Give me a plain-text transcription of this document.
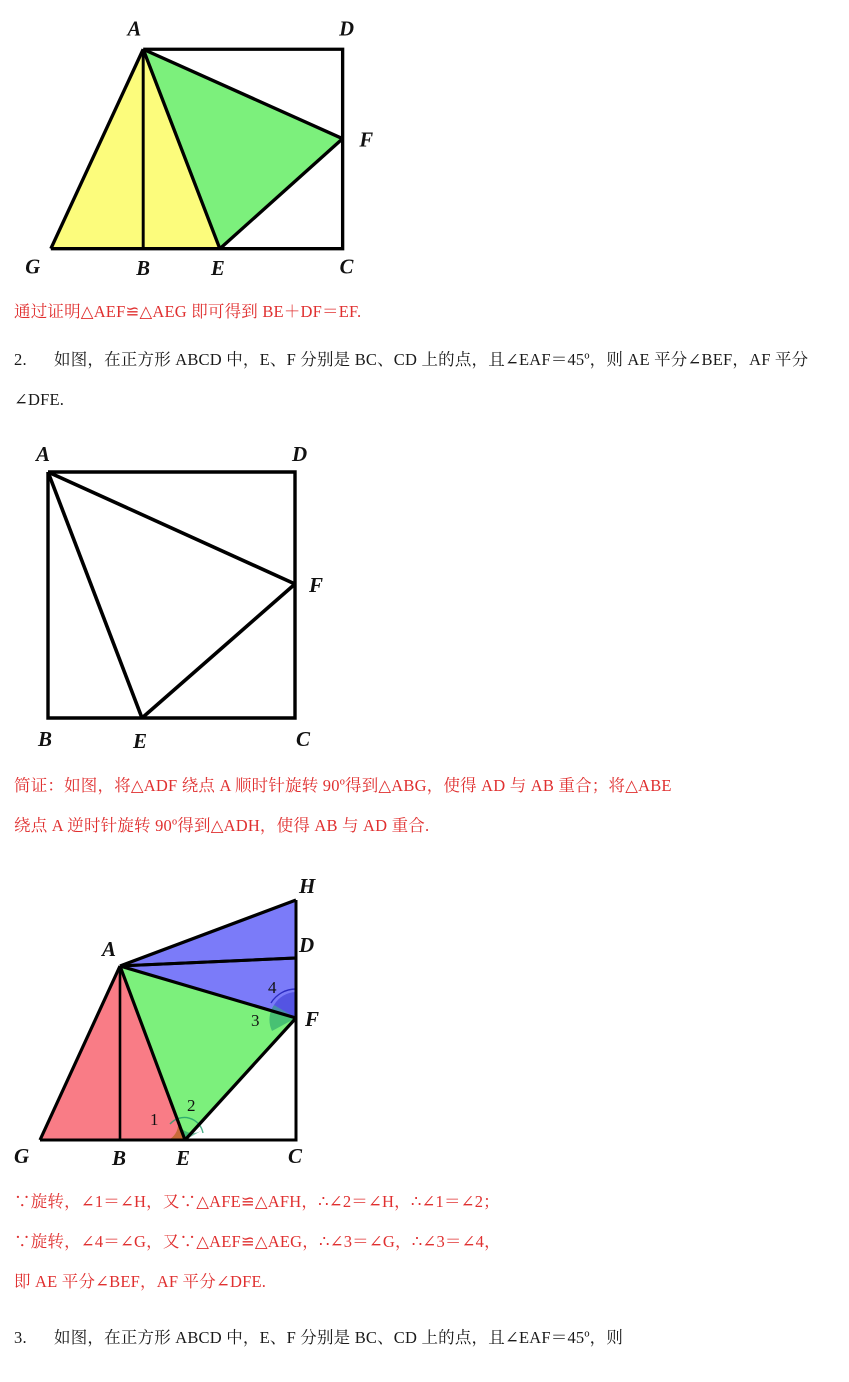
A	D
F
G	B	E	C
通过证明△AEF≌△AEG 即可得到 BE＋DF＝EF.
2. 如图，在正方形 ABCD 中，E、F 分别是 BC、CD 上的点，且∠EAF＝45º，则 AE 平分∠BEF，AF 平分∠DFE.
A	D
F
B	E	C
简证：如图，将△ADF 绕点 A 顺时针旋转 90º得到△ABG，使得 AD 与 AB 重合；将△ABE
绕点 A 逆时针旋转 90º得到△ADH，使得 AB 与 AD 重合.
H
A	D
F
G	B E	C
1
2
3
4
∵旋转，∠1＝∠H，又∵△AFE≌△AFH，∴∠2＝∠H，∴∠1＝∠2；
∵旋转，∠4＝∠G，又∵△AEF≌△AEG，∴∠3＝∠G，∴∠3＝∠4，
即 AE 平分∠BEF，AF 平分∠DFE.
3. 如图，在正方形 ABCD 中，E、F 分别是 BC、CD 上的点，且∠EAF＝45º，则
